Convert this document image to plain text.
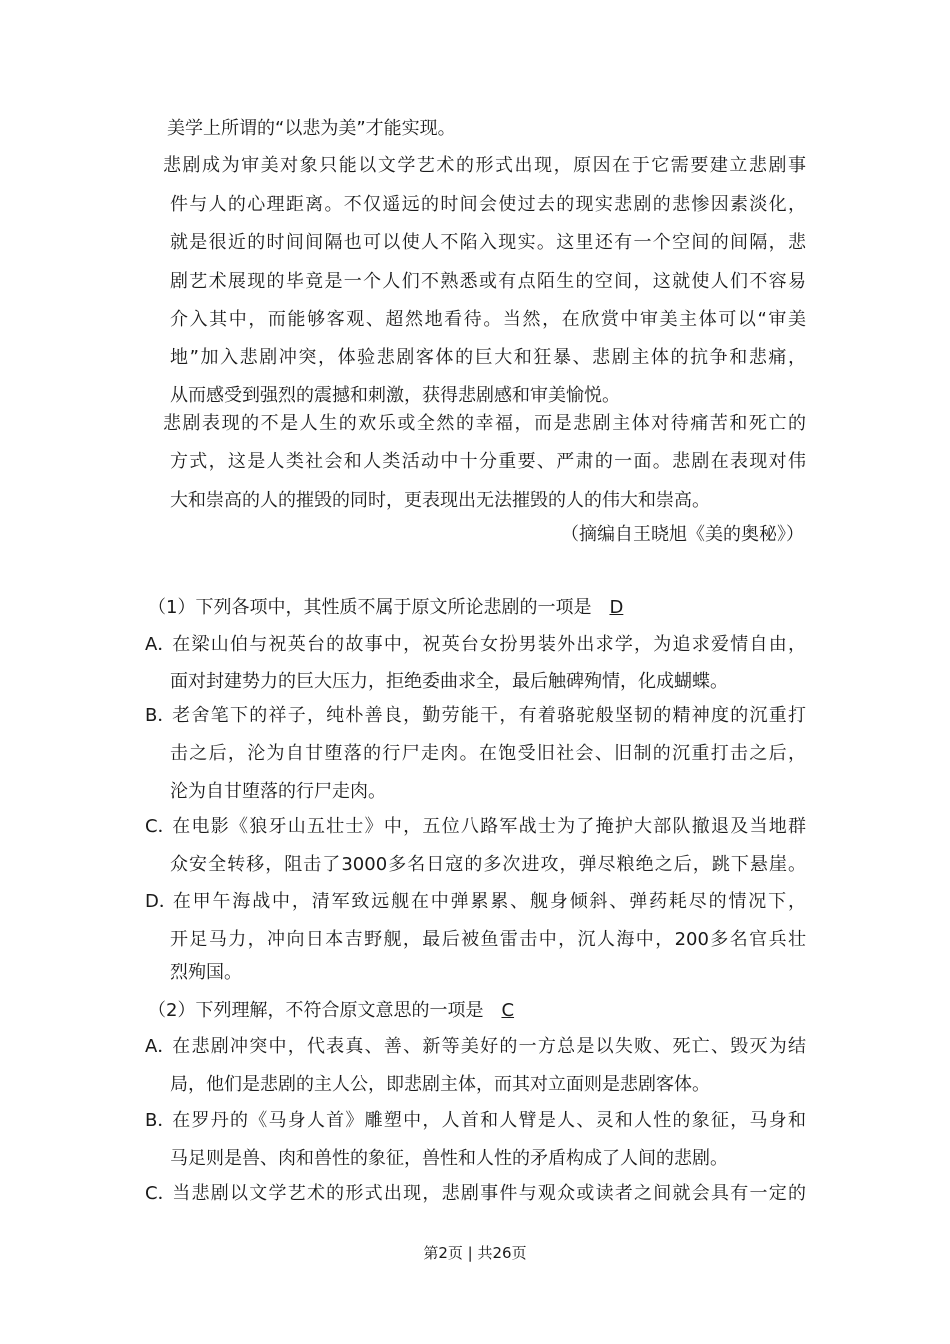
美学上所谓的“以悲为美”才能实现。
悲剧成为审美对象只能以文学艺术的形式出现，原因在于它需要建立悲剧事
件与人的心理距离。不仅遥远的时间会使过去的现实悲剧的悲惨因素淡化，
就是很近的时间间隔也可以使人不陷入现实。这里还有一个空间的间隔，悲
剧艺术展现的毕竟是一个人们不熟悉或有点陌生的空间，这就使人们不容易
介入其中，而能够客观、超然地看待。当然，在欣赏中审美主体可以“审美
地”加入悲剧冲突，体验悲剧客体的巨大和狂暴、悲剧主体的抗争和悲痛，
从而感受到强烈的震撼和刺激，获得悲剧感和审美愉悦。
悲剧表现的不是人生的欢乐或全然的幸福，而是悲剧主体对待痛苦和死亡的
方式，这是人类社会和人类活动中十分重要、严肃的一面。悲剧在表现对伟
大和崇高的人的摧毁的同时，更表现出无法摧毁的人的伟大和崇高。
（摘编自王晓旭《美的奥秘》）
（1）下列各项中，其性质不属于原文所论悲剧的一项是 D
A．在梁山伯与祝英台的故事中，祝英台女扮男装外出求学，为追求爱情自由，
面对封建势力的巨大压力，拒绝委曲求全，最后触碑殉情，化成蝴蝶。
B．老舍笔下的祥子，纯朴善良，勤劳能干，有着骆驼般坚韧的精神度的沉重打
击之后，沦为自甘堕落的行尸走肉。在饱受旧社会、旧制的沉重打击之后，
沦为自甘堕落的行尸走肉。
C．在电影《狼牙山五壮士》中，五位八路军战士为了掩护大部队撤退及当地群
众安全转移，阻击了3000多名日寇的多次进攻，弹尽粮绝之后，跳下悬崖。
D．在甲午海战中，清军致远舰在中弹累累、舰身倾斜、弹药耗尽的情况下，
开足马力，冲向日本吉野舰，最后被鱼雷击中，沉人海中，200多名官兵壮
烈殉国。
（2）下列理解，不符合原文意思的一项是 C
A．在悲剧冲突中，代表真、善、新等美好的一方总是以失败、死亡、毁灭为结
局，他们是悲剧的主人公，即悲剧主体，而其对立面则是悲剧客体。
B．在罗丹的《马身人首》雕塑中，人首和人臂是人、灵和人性的象征，马身和
马足则是兽、肉和兽性的象征，兽性和人性的矛盾构成了人间的悲剧。
C．当悲剧以文学艺术的形式出现，悲剧事件与观众或读者之间就会具有一定的
第2页 | 共26页
